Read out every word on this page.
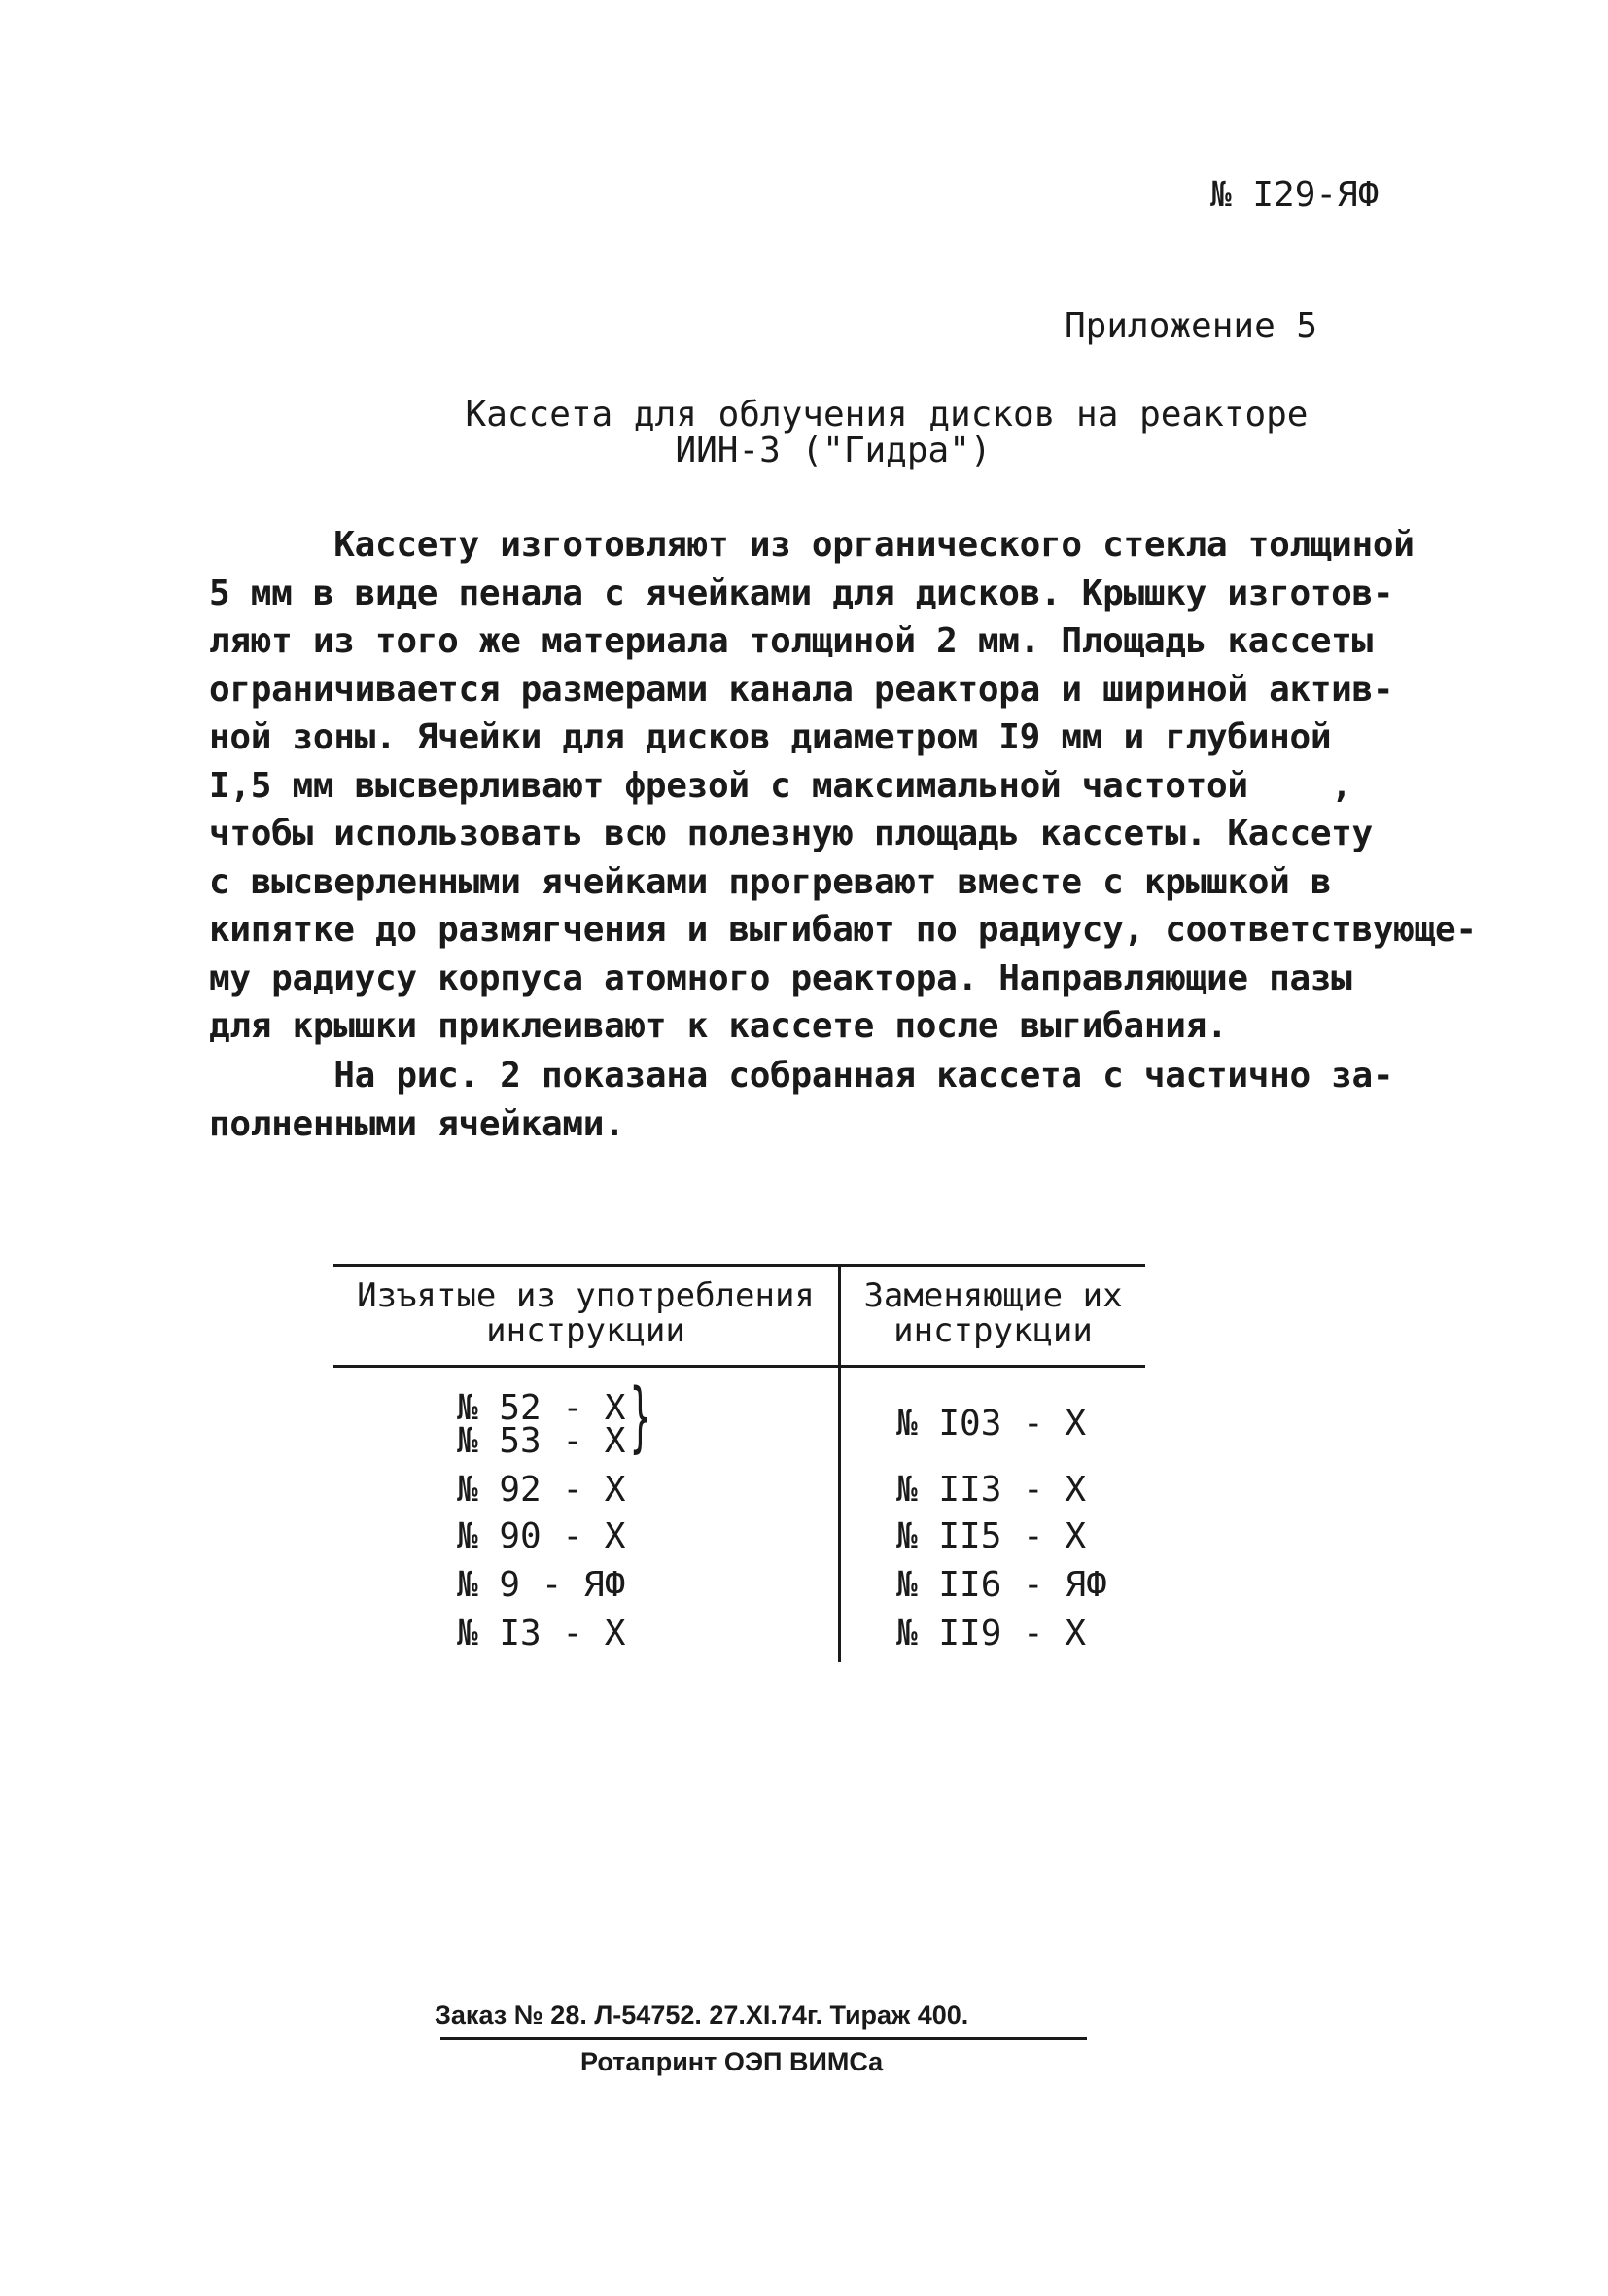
№ I29-ЯФ
Приложение 5
Кассета для облучения дисков на реакторе
ИИН-3 ("Гидра")
Кассету изготовляют из органического стекла толщиной
5 мм в виде пенала с ячейками для дисков. Крышку изготов-
ляют из того же материала толщиной 2 мм. Площадь кассеты
ограничивается размерами канала реактора и шириной актив-
ной зоны. Ячейки для дисков диаметром I9 мм и глубиной
I,5 мм высверливают фрезой с максимальной частотой    ,
чтобы использовать всю полезную площадь кассеты. Кассету
с высверленными ячейками прогревают вместе с крышкой в
кипятке до размягчения и выгибают по радиусу, соответствующе-
му радиусу корпуса атомного реактора. Направляющие пазы
для крышки приклеивают к кассете после выгибания.
На рис. 2 показана собранная кассета с частично за-
полненными ячейками.
Изъятые из употребления
инструкции
Заменяющие их
инструкции
№ 52 - X
№ 53 - X }
№ 92 - X
№ 90 - X
№ 9 - ЯФ
№ I3 - X
№ I03 - X
№ II3 - X
№ II5 - X
№ II6 - ЯФ
№ II9 - X
Заказ № 28. Л-54752. 27.XI.74г. Тираж 400.
Ротапринт ОЭП ВИМСа
